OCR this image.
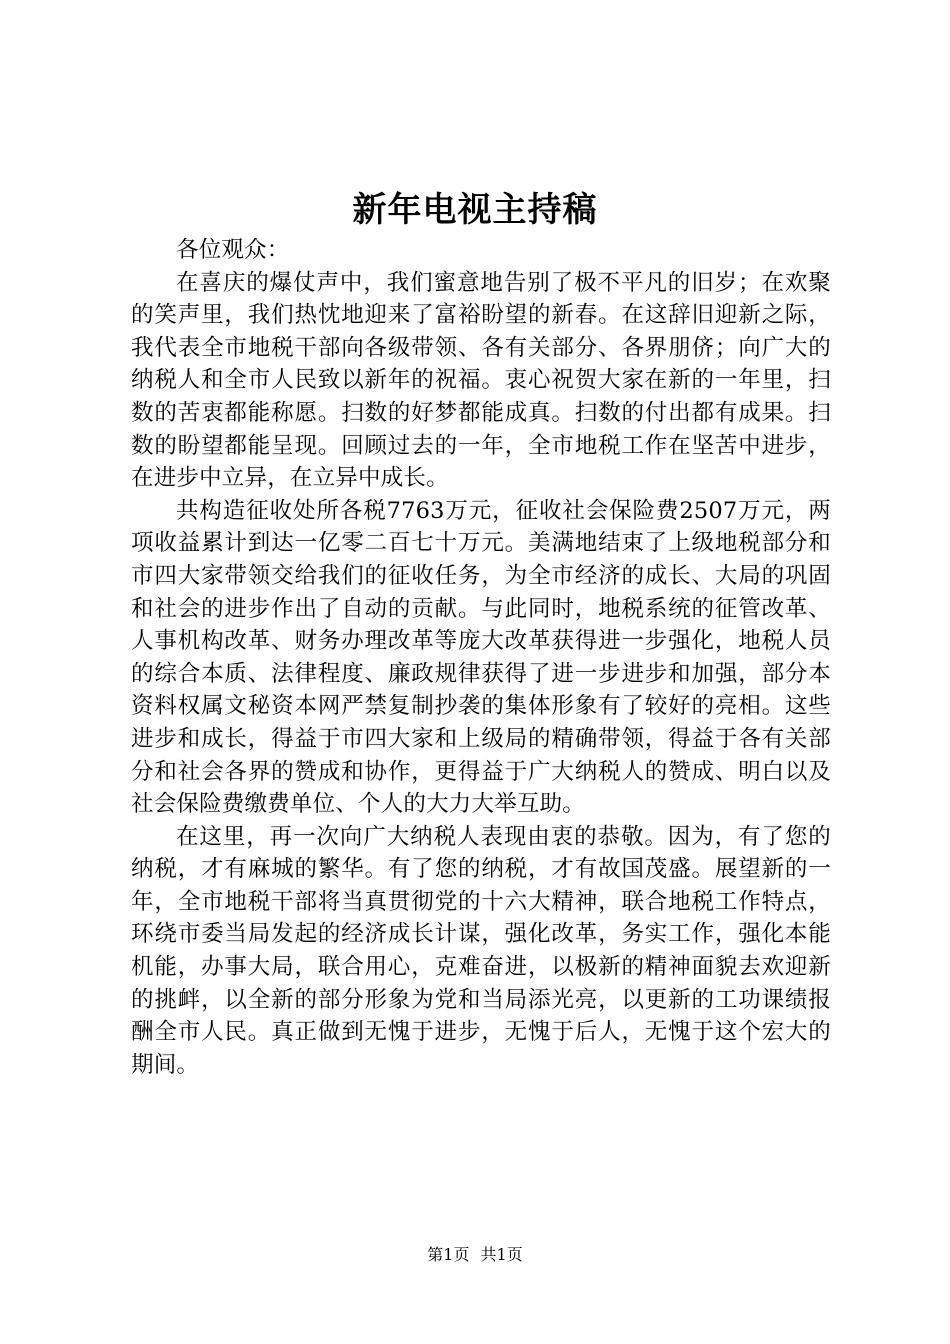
新年电视主持稿

各位观众：

在喜庆的爆仗声中，我们蜜意地告别了极不平凡的旧岁；在欢聚的笑声里，我们热忱地迎来了富裕盼望的新春。在这辞旧迎新之际，我代表全市地税干部向各级带领、各有关部分、各界朋侪；向广大的纳税人和全市人民致以新年的祝福。衷心祝贺大家在新的一年里，扫数的苦衷都能称愿。扫数的好梦都能成真。扫数的付出都有成果。扫数的盼望都能呈现。回顾过去的一年，全市地税工作在坚苦中进步，在进步中立异，在立异中成长。

共构造征收处所各税7763万元，征收社会保险费2507万元，两项收益累计到达一亿零二百七十万元。美满地结束了上级地税部分和市四大家带领交给我们的征收任务，为全市经济的成长、大局的巩固和社会的进步作出了自动的贡献。与此同时，地税系统的征管改革、人事机构改革、财务办理改革等庞大改革获得进一步强化，地税人员的综合本质、法律程度、廉政规律获得了进一步进步和加强，部分本资料权属文秘资本网严禁复制抄袭的集体形象有了较好的亮相。这些进步和成长，得益于市四大家和上级局的精确带领，得益于各有关部分和社会各界的赞成和协作，更得益于广大纳税人的赞成、明白以及社会保险费缴费单位、个人的大力大举互助。

在这里，再一次向广大纳税人表现由衷的恭敬。因为，有了您的纳税，才有麻城的繁华。有了您的纳税，才有故国茂盛。展望新的一年，全市地税干部将当真贯彻党的十六大精神，联合地税工作特点，环绕市委当局发起的经济成长计谋，强化改革，务实工作，强化本能机能，办事大局，联合用心，克难奋进，以极新的精神面貌去欢迎新的挑衅，以全新的部分形象为党和当局添光亮，以更新的工功课绩报酬全市人民。真正做到无愧于进步，无愧于后人，无愧于这个宏大的期间。

第1页 共1页
